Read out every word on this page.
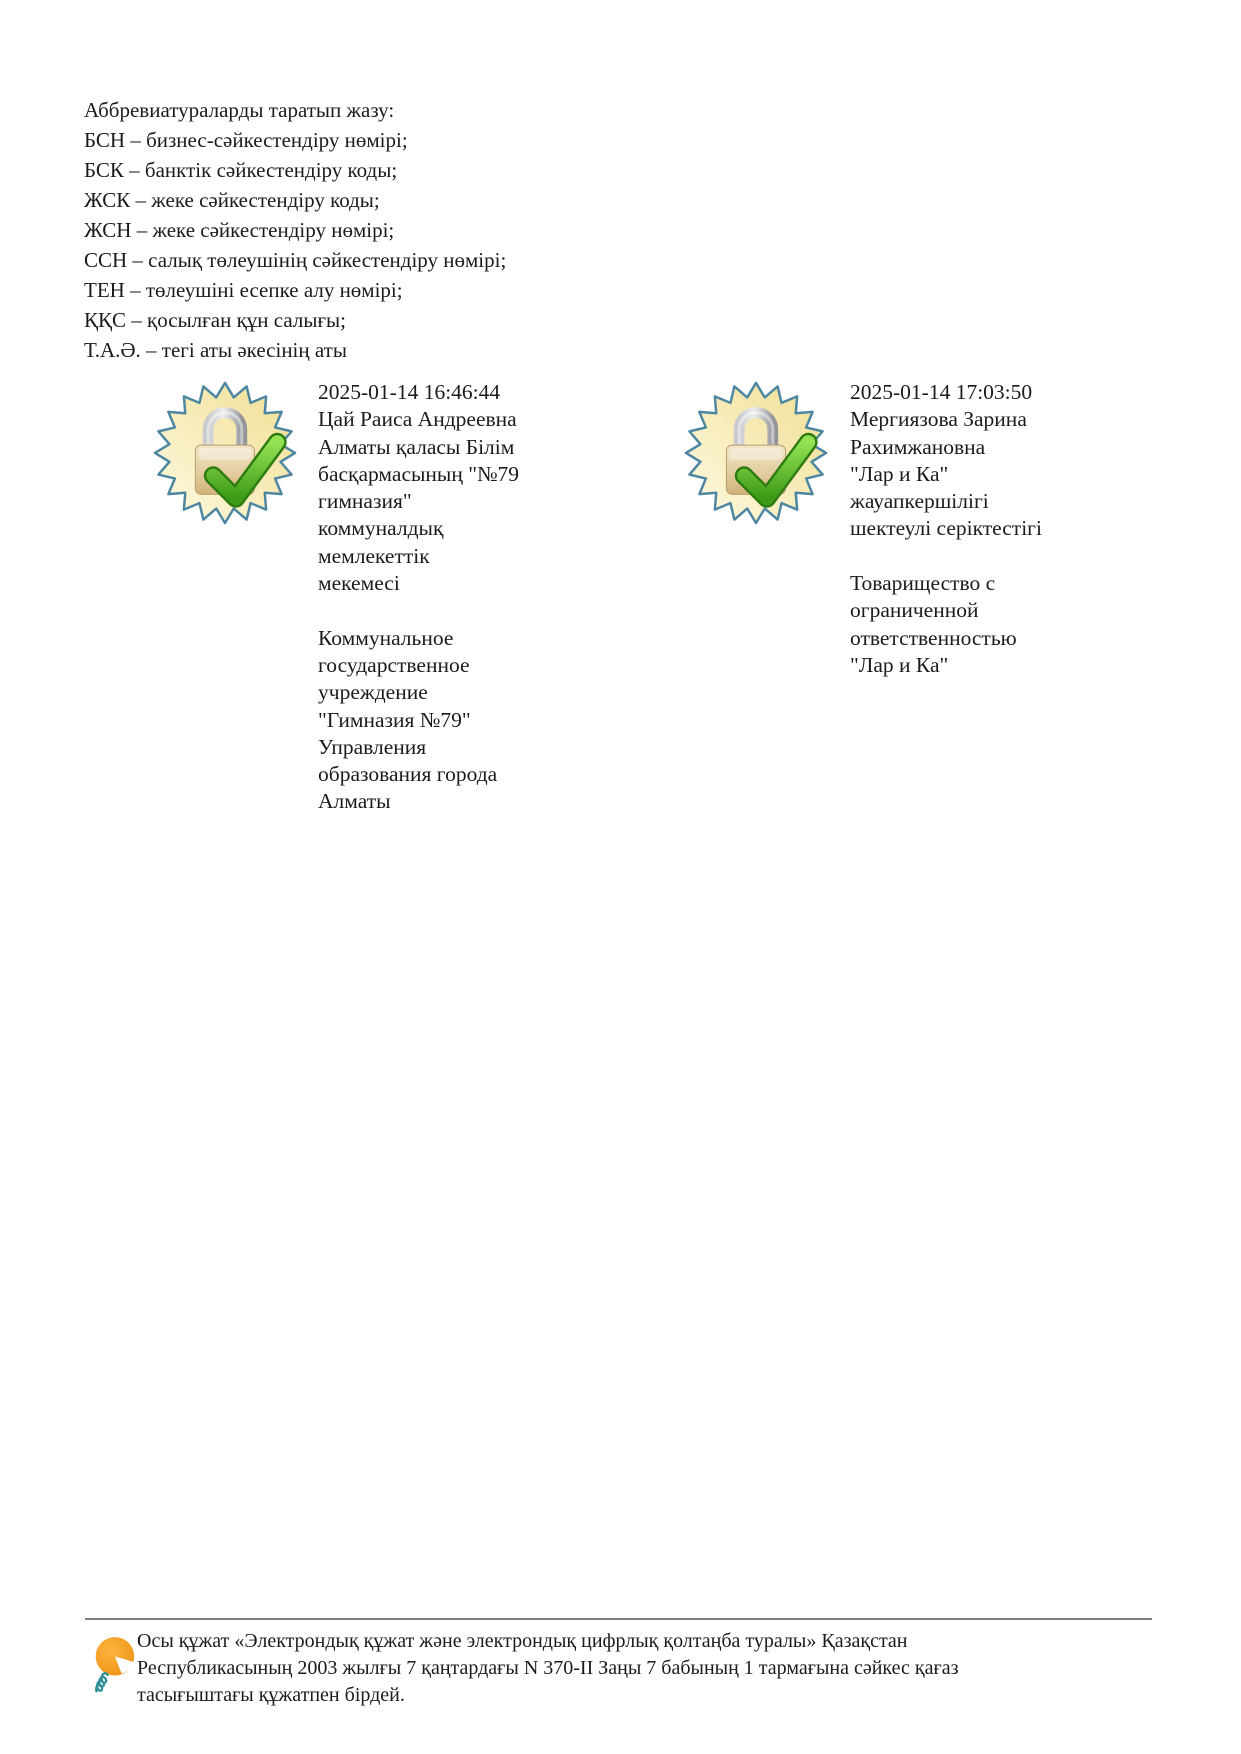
Аббревиатураларды таратып жазу:
БСН – бизнес-сәйкестендіру нөмірі;
БСК – банктік сәйкестендіру коды;
ЖСК – жеке сәйкестендіру коды;
ЖСН – жеке сәйкестендіру нөмірі;
ССН – салық төлеушінің сәйкестендіру нөмірі;
ТЕН – төлеушіні есепке алу нөмірі;
ҚҚС – қосылған құн салығы;
Т.А.Ә. – тегі аты әкесінің аты
2025-01-14 16:46:44
Цай Раиса Андреевна
Алматы қаласы Білім
басқармасының "№79
гимназия"
коммуналдық
мемлекеттік
мекемесі
Коммунальное
государственное
учреждение
"Гимназия №79"
Управления
образования города
Алматы
2025-01-14 17:03:50
Мергиязова Зарина
Рахимжановна
"Лар и Ка"
жауапкершілігі
шектеулі серіктестігі
Товарищество с
ограниченной
ответственностью
"Лар и Ка"
Осы құжат «Электрондық құжат және электрондық цифрлық қолтаңба туралы» Қазақстан Республикасының 2003 жылғы 7 қаңтардағы N 370-II Заңы 7 бабының 1 тармағына сәйкес қағаз тасығыштағы құжатпен бірдей.
